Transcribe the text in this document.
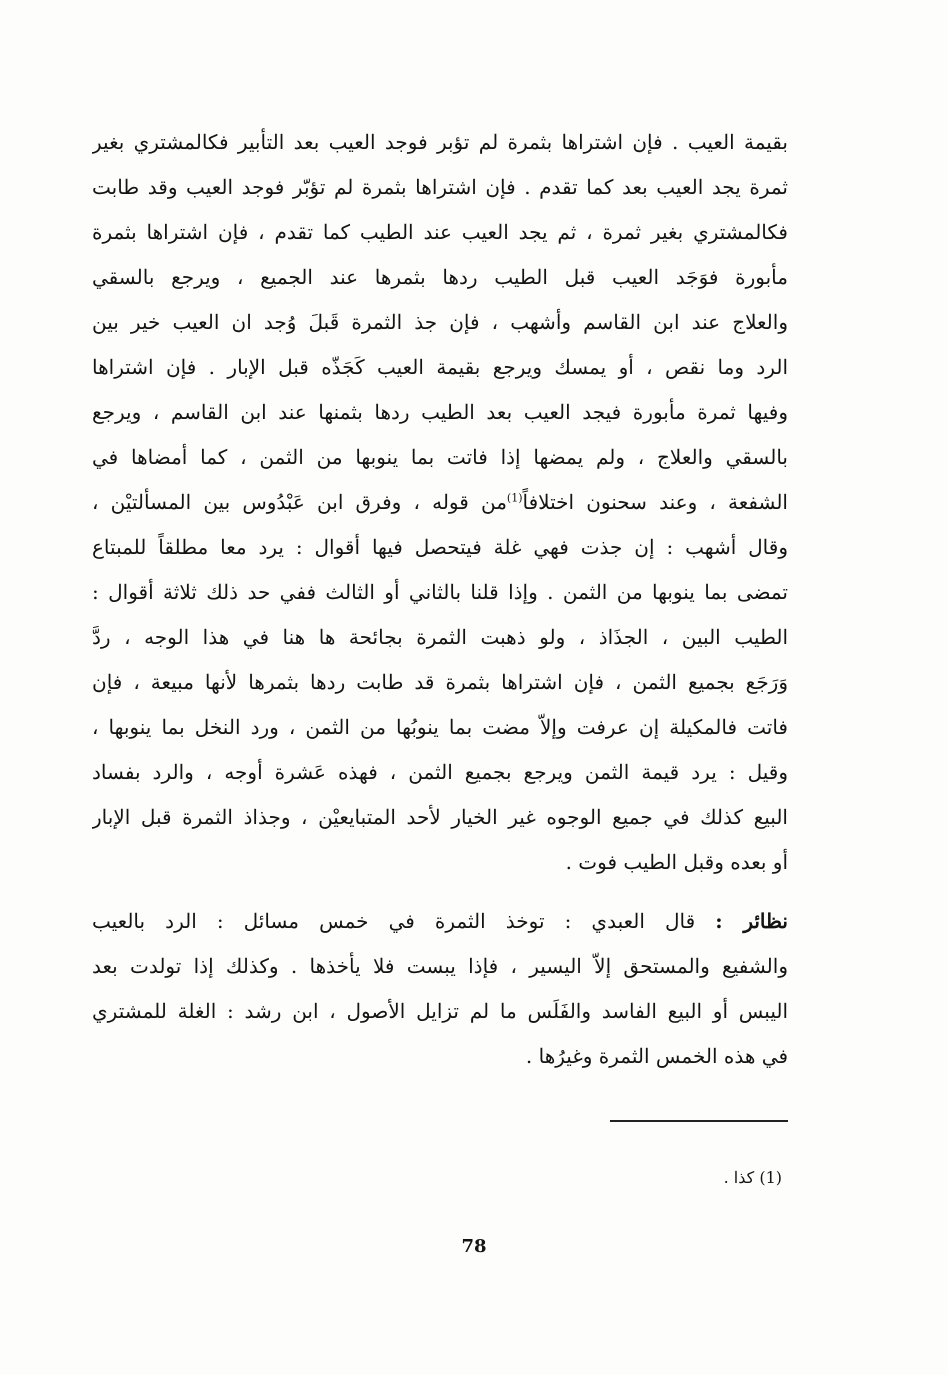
بقيمة العيب . فإن اشتراها بثمرة لم تؤبر فوجد العيب بعد التأبير فكالمشتري بغير
ثمرة يجد العيب بعد كما تقدم . فإن اشتراها بثمرة لم تؤبّر فوجد العيب وقد طابت
فكالمشتري بغير ثمرة ، ثم يجد العيب عند الطيب كما تقدم ، فإن اشتراها بثمرة
مأبورة فوَجَد العيب قبل الطيب ردها بثمرها عند الجميع ، ويرجع بالسقي
والعلاج عند ابن القاسم وأشهب ، فإن جذ الثمرة قَبلَ وُجد ان العيب خير بين
الرد وما نقص ، أو يمسك ويرجع بقيمة العيب كَجَذّه قبل الإبار . فإن اشتراها
وفيها ثمرة مأبورة فيجد العيب بعد الطيب ردها بثمنها عند ابن القاسم ، ويرجع
بالسقي والعلاج ، ولم يمضها إذا فاتت بما ينوبها من الثمن ، كما أمضاها في
الشفعة ، وعند سحنون اختلافاً$^{(1)}$من قوله ، وفرق ابن عَبْدُوس بين المسألتيْن ،
وقال أشهب : إن جذت فهي غلة فيتحصل فيها أقوال : يرد معا مطلقاً للمبتاع
تمضى بما ينوبها من الثمن . وإذا قلنا بالثاني أو الثالث ففي حد ذلك ثلاثة أقوال :
الطيب البين ، الجذَاذ ، ولو ذهبت الثمرة بجائحة ها هنا في هذا الوجه ، ردَّ
وَرَجَع بجميع الثمن ، فإن اشتراها بثمرة قد طابت ردها بثمرها لأنها مبيعة ، فإن
فاتت فالمكيلة إن عرفت وإلاّ مضت بما ينوبُها من الثمن ، ورد النخل بما ينوبها ،
وقيل : يرد قيمة الثمن ويرجع بجميع الثمن ، فهذه عَشرة أوجه ، والرد بفساد
البيع كذلك في جميع الوجوه غير الخيار لأحد المتبايعيْن ، وجذاذ الثمرة قبل الإبار
أو بعده وقبل الطيب فوت .
نظائر : قال العبدي : توخذ الثمرة في خمس مسائل : الرد بالعيب
والشفيع والمستحق إلاّ اليسير ، فإذا يبست فلا يأخذها . وكذلك إذا تولدت بعد
اليبس أو البيع الفاسد والفَلَس ما لم تزايل الأصول ، ابن رشد : الغلة للمشتري
في هذه الخمس الثمرة وغيرُها .
(1) كذا .
78
